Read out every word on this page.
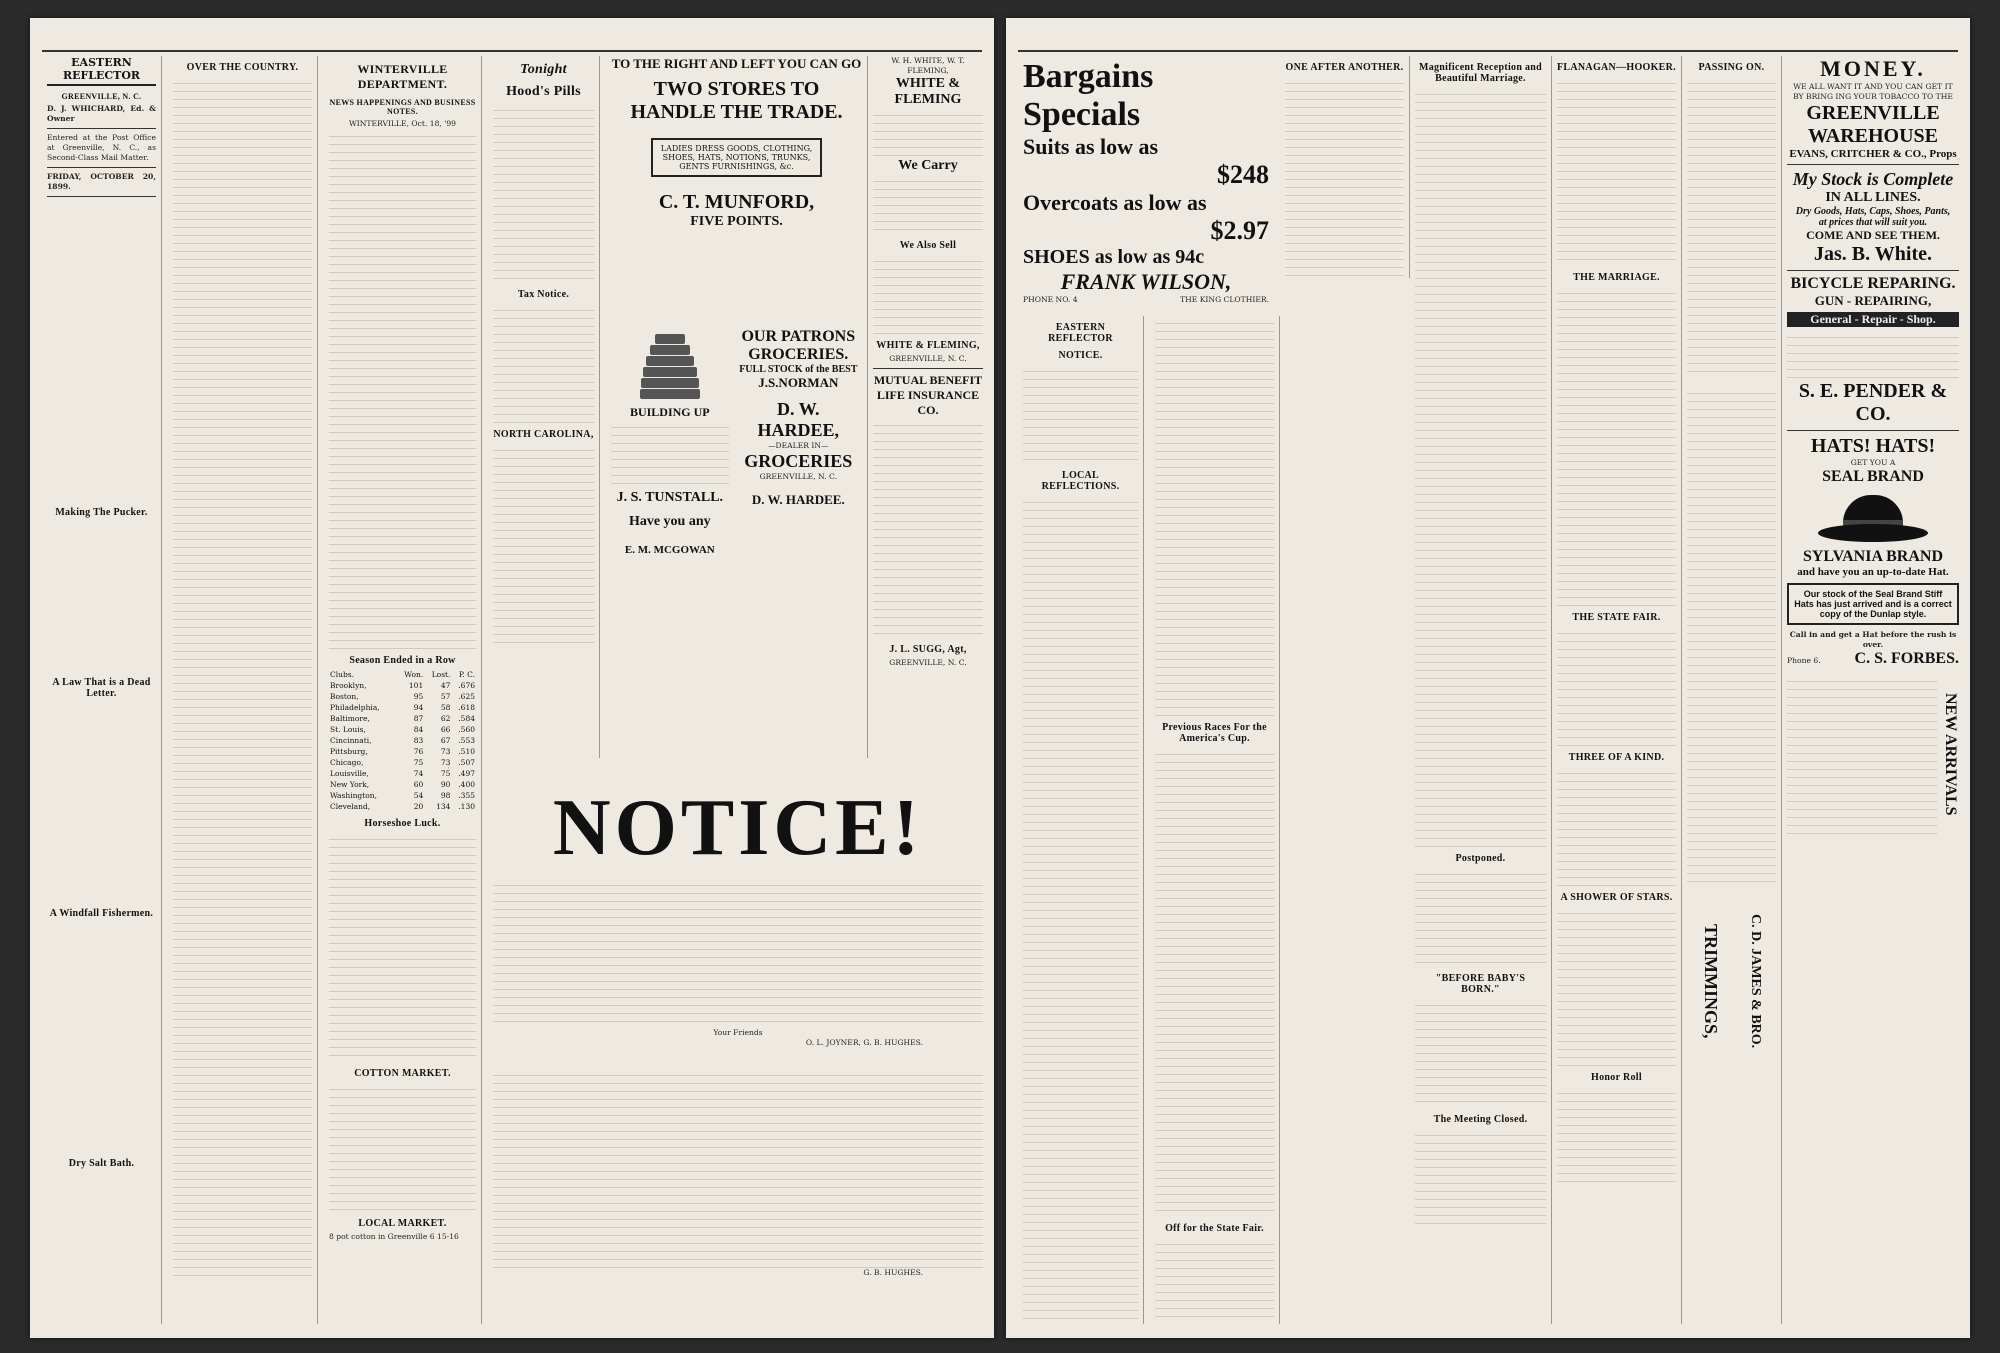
EASTERN REFLECTOR
GREENVILLE, N. C.
D. J. WHICHARD, Ed. & Owner
Entered at the Post Office at Greenville, N. C., as Second-Class Mail Matter.
FRIDAY, OCTOBER 20, 1899.
Making The Pucker.
A Law That is a Dead Letter.
A Windfall Fishermen.
Dry Salt Bath.
OVER THE COUNTRY.	WINTERVILLE DEPARTMENT.
NEWS HAPPENINGS AND BUSINESS NOTES.
WINTERVILLE, Oct. 18, '99
Season Ended in a Row
Clubs.	Won.	Lost.	P. C.
Brooklyn,	101	47	.676
Boston,	95	57	.625
Philadelphia,	94	58	.618
Baltimore,	87	62	.584
St. Louis,	84	66	.560
Cincinnati,	83	67	.553
Pittsburg,	76	73	.510
Chicago,	75	73	.507
Louisville,	74	75	.497
New York,	60	90	.400
Washington,	54	98	.355
Cleveland,	20	134	.130
Horseshoe Luck.
COTTON MARKET.
LOCAL MARKET.
8 pot cotton in Greenville 6 15-16
Tonight
Hood's Pills
Tax Notice.
NORTH CAROLINA,
TO THE RIGHT AND LEFT YOU CAN GO
TWO STORES TO HANDLE THE TRADE.
LADIES DRESS GOODS, CLOTHING, SHOES, HATS, NOTIONS, TRUNKS, GENTS FURNISHINGS, &c.
C. T. MUNFORD,
FIVE POINTS.
W. H. WHITE, W. T. FLEMING,
WHITE & FLEMING
We Carry
We Also Sell
WHITE & FLEMING,
GREENVILLE, N. C.
MUTUAL BENEFIT LIFE INSURANCE CO.
J. L. SUGG, Agt,
GREENVILLE, N. C.
BUILDING UP
J. S. TUNSTALL.
Have you any
E. M. MCGOWAN
OUR PATRONS
GROCERIES.
FULL STOCK of the BEST
J.S.NORMAN
D. W. HARDEE,
—DEALER IN—
GROCERIES
GREENVILLE, N. C.
D. W. HARDEE.
NOTICE!
Your Friends
O. L. JOYNER, G. B. HUGHES.
G. B. HUGHES.
Bargains Specials
Suits as low as
$248
Overcoats as low as
$2.97
SHOES as low as 94c
FRANK WILSON,
PHONE NO. 4	THE KING CLOTHIER.
EASTERN REFLECTOR
NOTICE.
LOCAL REFLECTIONS.
Previous Races For the America's Cup.
Off for the State Fair.
ONE AFTER ANOTHER.	Magnificent Reception and Beautiful Marriage.
Postponed.
"BEFORE BABY'S BORN."
The Meeting Closed.
FLANAGAN—HOOKER.
THE MARRIAGE.
THE STATE FAIR.
THREE OF A KIND.
A SHOWER OF STARS.
Honor Roll
PASSING ON.
TRIMMINGS, C. D. JAMES & BRO.
MONEY.
WE ALL WANT IT AND YOU CAN GET IT BY BRING ING YOUR TOBACCO TO THE
GREENVILLE
WAREHOUSE
EVANS, CRITCHER & CO., Props
My Stock is Complete
IN ALL LINES.
Dry Goods, Hats, Caps, Shoes, Pants,
at prices that will suit you.
COME AND SEE THEM.
Jas. B. White.
BICYCLE REPARING.
GUN - REPAIRING,
General - Repair - Shop.
S. E. PENDER & CO.
HATS! HATS!
GET YOU A
SEAL BRAND
SYLVANIA BRAND
and have you an up-to-date Hat.
Our stock of the Seal Brand Stiff Hats has just arrived and is a correct copy of the Dunlap style.
Call in and get a Hat before the rush is over.
Phone 6. C. S. FORBES.
NEW ARRIVALS
